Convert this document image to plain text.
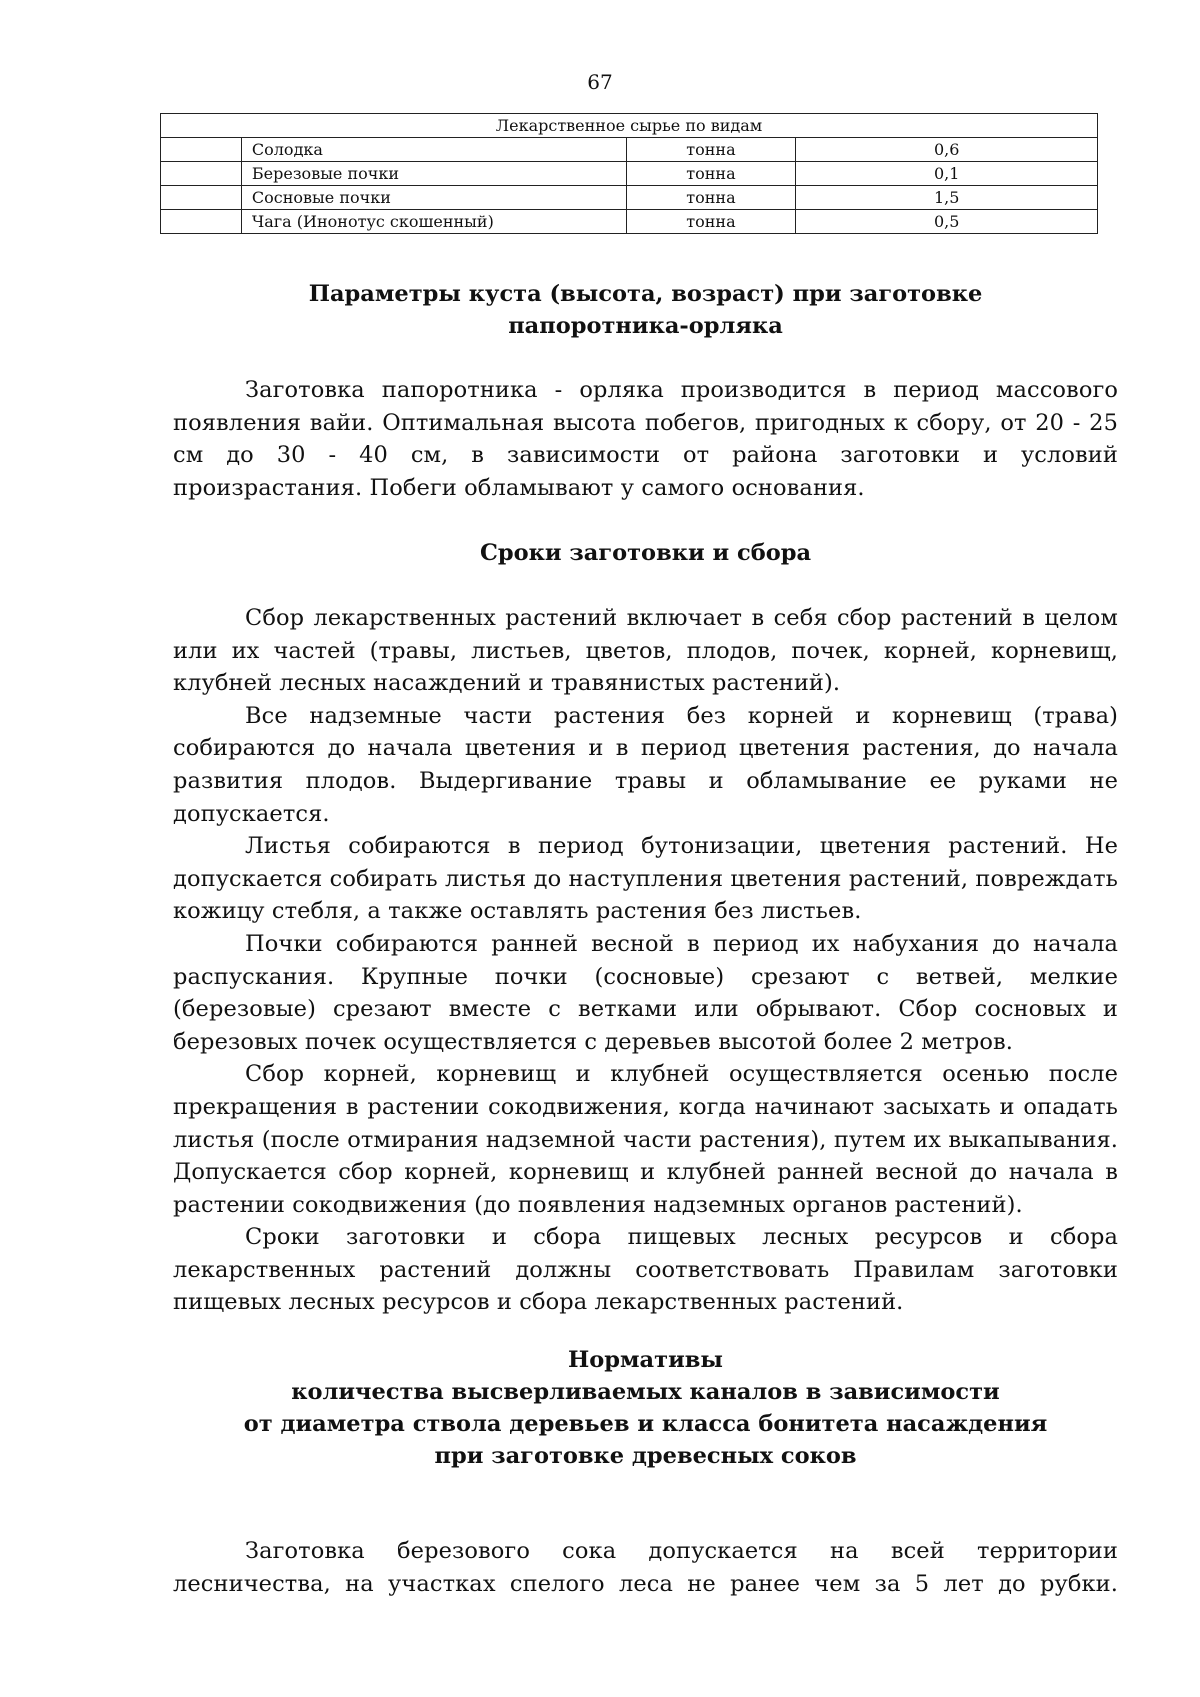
67
Лекарственное сырье по видам			
	Солодка	тонна	0,6
	Березовые почки	тонна	0,1
	Сосновые почки	тонна	1,5
	Чага (Инонотус скошенный)	тонна	0,5

Параметры куста (высота, возраст) при заготовке

папоротника-орляка

Заготовка папоротника - орляка производится в период массового появления вайи. Оптимальная высота побегов, пригодных к сбору, от 20 - 25 см до 30 - 40 см, в зависимости от района заготовки и условий произрастания. Побеги обламывают у самого основания.

Сроки заготовки и сбора

Сбор лекарственных растений включает в себя сбор растений в целом или их частей (травы, листьев, цветов, плодов, почек, корней, корневищ, клубней лесных насаждений и травянистых растений).

Все надземные части растения без корней и корневищ (трава) собираются до начала цветения и в период цветения растения, до начала развития плодов. Выдергивание травы и обламывание ее руками не допускается.

Листья собираются в период бутонизации, цветения растений. Не допускается собирать листья до наступления цветения растений, повреждать кожицу стебля, а также оставлять растения без листьев.

Почки собираются ранней весной в период их набухания до начала распускания. Крупные почки (сосновые) срезают с ветвей, мелкие (березовые) срезают вместе с ветками или обрывают. Сбор сосновых и березовых почек осуществляется с деревьев высотой более 2 метров.

Сбор корней, корневищ и клубней осуществляется осенью после прекращения в растении сокодвижения, когда начинают засыхать и опадать листья (после отмирания надземной части растения), путем их выкапывания. Допускается сбор корней, корневищ и клубней ранней весной до начала в растении сокодвижения (до появления надземных органов растений).

Сроки заготовки и сбора пищевых лесных ресурсов и сбора лекарственных растений должны соответствовать Правилам заготовки пищевых лесных ресурсов и сбора лекарственных растений.

Нормативы

количества высверливаемых каналов в зависимости

от диаметра ствола деревьев и класса бонитета насаждения

при заготовке древесных соков

Заготовка березового сока допускается на всей территории лесничества, на участках спелого леса не ранее чем за 5 лет до рубки.
